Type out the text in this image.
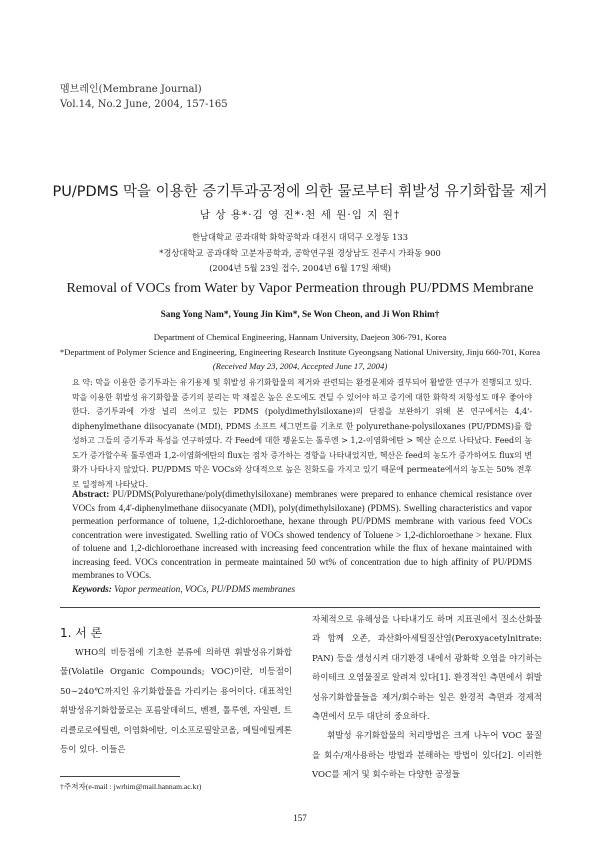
멤브레인(Membrane Journal)
Vol.14, No.2 June, 2004, 157-165
PU/PDMS 막을 이용한 증기투과공정에 의한 물로부터 휘발성 유기화합물 제거
남 상 용*·김 영 진*·천 세 원·임 지 원†
한남대학교 공과대학 화학공학과 대전시 대덕구 오정동 133
*경상대학교 공과대학 고분자공학과, 공학연구원 경상남도 진주시 가좌동 900
(2004년 5월 23일 접수, 2004년 6월 17일 채택)
Removal of VOCs from Water by Vapor Permeation through PU/PDMS Membrane
Sang Yong Nam*, Young Jin Kim*, Se Won Cheon, and Ji Won Rhim†
Department of Chemical Engineering, Hannam University, Daejeon 306-791, Korea
*Department of Polymer Science and Engineering, Engineering Research Institute Gyeongsang National University, Jinju 660-701, Korea
(Received May 23, 2004, Accepted June 17, 2004)
요 약: 막을 이용한 증기투과는 유기용제 및 휘발성 유기화합물의 제거와 관련되는 환경문제와 결부되어 활발한 연구가 진행되고 있다. 막을 이용한 휘발성 유기화합물 증기의 분리는 막 재질은 높은 온도에도 견딜 수 있어야 하고 증기에 대한 화학적 저항성도 매우 좋아야 한다. 증기투과에 가장 널리 쓰이고 있는 PDMS (polydimethylsiloxane)의 단점을 보완하기 위해 본 연구에서는 4,4'-diphenylmethane diisocyanate (MDI), PDMS 소프트 세그먼트를 기초로 한 polyurethane-polysiloxanes (PU/PDMS)를 합성하고 그들의 증기투과 특성을 연구하였다. 각 Feed에 대한 팽윤도는 톨루엔 > 1,2-이염화에탄 > 헥산 순으로 나타났다. Feed의 농도가 증가할수록 톨루엔과 1,2-이염화에탄의 flux는 점차 증가하는 경향을 나타내었지만, 헥산은 feed의 농도가 증가하여도 flux의 변화가 나타나지 않았다. PU/PDMS 막은 VOCs와 상대적으로 높은 친화도를 가지고 있기 때문에 permeate에서의 농도는 50% 전후로 일정하게 나타났다.
Abstract: PU/PDMS(Polyurethane/poly(dimethylsiloxane) membranes were prepared to enhance chemical resistance over VOCs from 4,4'-diphenylmethane diisocyanate (MDI), poly(dimethylsiloxane) (PDMS). Swelling characteristics and vapor permeation performance of toluene, 1,2-dichloroethane, hexane through PU/PDMS membrane with various feed VOCs concentration were investigated. Swelling ratio of VOCs showed tendency of Toluene > 1,2-dichloroethane > hexane. Flux of toluene and 1,2-dichloroethane increased with increasing feed concentration while the flux of hexane maintained with increasing feed. VOCs concentration in permeate maintained 50 wt% of concentration due to high affinity of PU/PDMS membranes to VOCs.
Keywords: Vapor permeation, VOCs, PU/PDMS membranes
1. 서 론

WHO의 비등점에 기초한 분류에 의하면 휘발성유기화합물(Volatile Organic Compounds; VOC)이란, 비등점이 50∼240℃까지인 유기화합물을 가리키는 용어이다. 대표적인 휘발성유기화합물로는 포름알데히드, 벤젠, 톨루엔, 자일렌, 트리클로로에틸렌, 이염화에탄, 이소프로필알코올, 메틸에틸케톤 등이 있다. 이들은

자체적으로 유해성을 나타내기도 하며 지표권에서 질소산화물과 함께 오존, 과산화아세틸질산염(Peroxyacetylnitrate: PAN) 등을 생성시켜 대기환경 내에서 광화학 오염을 야기하는 하이테크 오염물질로 알려져 있다[1]. 환경적인 측면에서 휘발성유기화합물들을 제거/회수하는 일은 환경적 측면과 경제적 측면에서 모두 대단히 중요하다.

휘발성 유기화합물의 처리방법은 크게 나누어 VOC 물질을 회수/재사용하는 방법과 분해하는 방법이 있다[2]. 이러한 VOC를 제거 및 회수하는 다양한 공정들

†주저자(e-mail : jwrhim@mail.hannam.ac.kr)
157
